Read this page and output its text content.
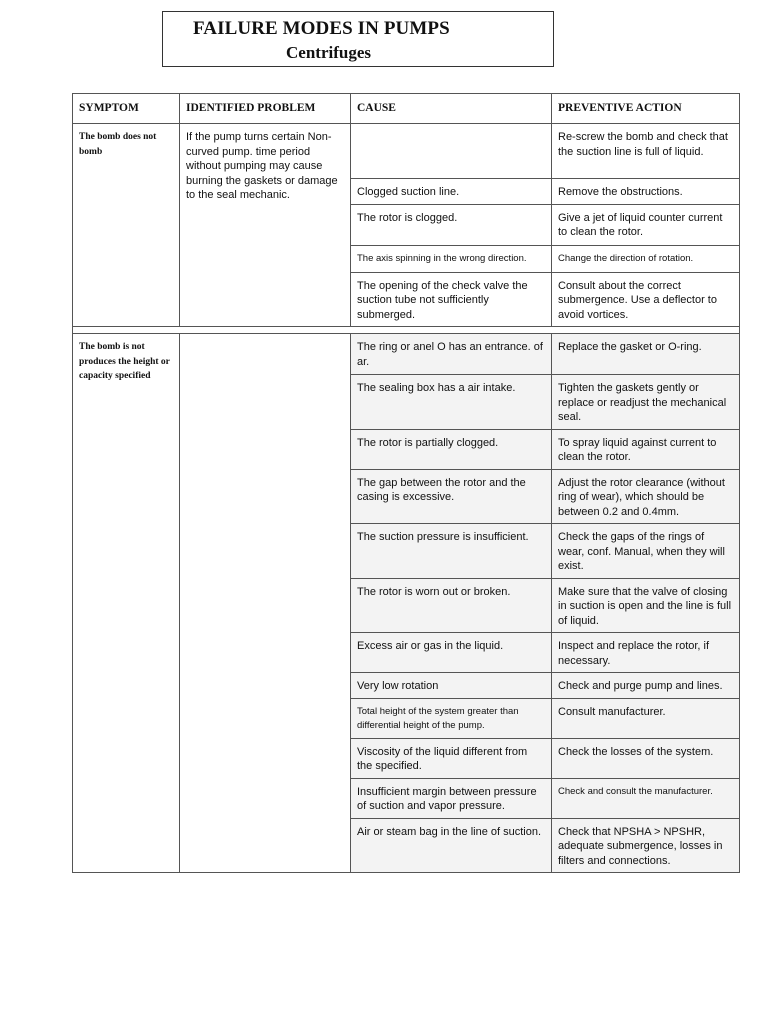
FAILURE MODES IN PUMPS
Centrifuges
SYMPTOM	IDENTIFIED PROBLEM	CAUSE	PREVENTIVE ACTION
The bomb does not bomb	If the pump turns certain Non-curved pump. time period without pumping may cause burning the gaskets or damage to the seal mechanic.		Re-screw the bomb and check that the suction line is full of liquid.
		Clogged suction line.	Remove the obstructions.
		The rotor is clogged.	Give a jet of liquid counter current to clean the rotor.
		The axis spinning in the wrong direction.	Change the direction of rotation.
		The opening of the check valve the suction tube not sufficiently submerged.	Consult about the correct submergence. Use a deflector to avoid vortices.

The bomb is not produces the height or capacity specified		The ring or anel O has an entrance. of ar.	Replace the gasket or O-ring.
		The sealing box has a air intake.	Tighten the gaskets gently or replace or readjust the mechanical seal.
		The rotor is partially clogged.	To spray liquid against current to clean the rotor.
		The gap between the rotor and the casing is excessive.	Adjust the rotor clearance (without ring of wear), which should be between 0.2 and 0.4mm.
		The suction pressure is insufficient.	Check the gaps of the rings of wear, conf. Manual, when they will exist.
		The rotor is worn out or broken.	Make sure that the valve of closing in suction is open and the line is full of liquid.
		Excess air or gas in the liquid.	Inspect and replace the rotor, if necessary.
		Very low rotation	Check and purge pump and lines.
		Total height of the system greater than differential height of the pump.	Consult manufacturer.
		Viscosity of the liquid different from the specified.	Check the losses of the system.
		Insufficient margin between pressure of suction and vapor pressure.	Check and consult the manufacturer.
		Air or steam bag in the line of suction.	Check that NPSHA > NPSHR, adequate submergence, losses in filters and connections.
